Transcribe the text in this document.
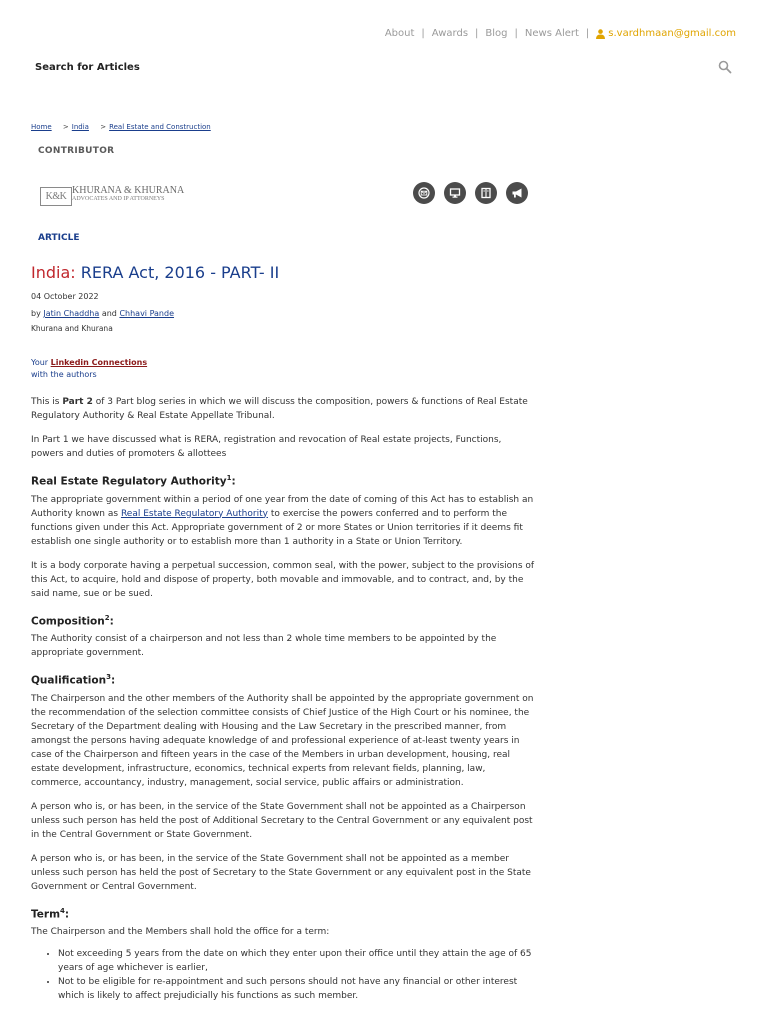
About | Awards | Blog | News Alert | s.vardhmaan@gmail.com
Search for Articles
Home > India > Real Estate and Construction
CONTRIBUTOR
K&K
KHURANA & KHURANA
ADVOCATES AND IP ATTORNEYS
ARTICLE
India: RERA Act, 2016 - PART- II
04 October 2022
by Jatin Chaddha and Chhavi Pande
Khurana and Khurana
Your Linkedin Connections
with the authors

This is Part 2 of 3 Part blog series in which we will discuss the composition, powers & functions of Real Estate Regulatory Authority & Real Estate Appellate Tribunal.

In Part 1 we have discussed what is RERA, registration and revocation of Real estate projects, Functions, powers and duties of promoters & allottees

Real Estate Regulatory Authority$^1$:

The appropriate government within a period of one year from the date of coming of this Act has to establish an Authority known as Real Estate Regulatory Authority to exercise the powers conferred and to perform the functions given under this Act. Appropriate government of 2 or more States or Union territories if it deems fit establish one single authority or to establish more than 1 authority in a State or Union Territory.

It is a body corporate having a perpetual succession, common seal, with the power, subject to the provisions of this Act, to acquire, hold and dispose of property, both movable and immovable, and to contract, and, by the said name, sue or be sued.

Composition$^2$:

The Authority consist of a chairperson and not less than 2 whole time members to be appointed by the appropriate government.

Qualification$^3$:

The Chairperson and the other members of the Authority shall be appointed by the appropriate government on the recommendation of the selection committee consists of Chief Justice of the High Court or his nominee, the Secretary of the Department dealing with Housing and the Law Secretary in the prescribed manner, from amongst the persons having adequate knowledge of and professional experience of at-least twenty years in case of the Chairperson and fifteen years in the case of the Members in urban development, housing, real estate development, infrastructure, economics, technical experts from relevant fields, planning, law, commerce, accountancy, industry, management, social service, public affairs or administration.

A person who is, or has been, in the service of the State Government shall not be appointed as a Chairperson unless such person has held the post of Additional Secretary to the Central Government or any equivalent post in the Central Government or State Government.

A person who is, or has been, in the service of the State Government shall not be appointed as a member unless such person has held the post of Secretary to the State Government or any equivalent post in the State Government or Central Government.

Term$^4$:

The Chairperson and the Members shall hold the office for a term:

• Not exceeding 5 years from the date on which they enter upon their office until they attain the age of 65 years of age whichever is earlier,
• Not to be eligible for re-appointment and such persons should not have any financial or other interest which is likely to affect prejudicially his functions as such member.
